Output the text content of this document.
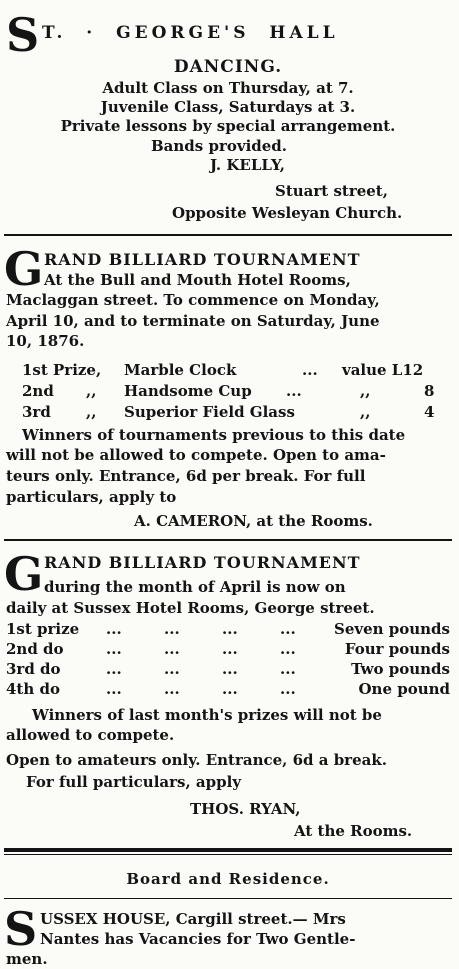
S T. · GEORGE'S HALL
DANCING.
Adult Class on Thursday, at 7.
Juvenile Class, Saturdays at 3.
Private lessons by special arrangement.
Bands provided.
J. KELLY,
Stuart street,
Opposite Wesleyan Church.
G RAND BILLIARD TOURNAMENT
At the Bull and Mouth Hotel Rooms,
Maclaggan street. To commence on Monday,
April 10, and to terminate on Saturday, June
10, 1876.
1st Prize, Marble Clock	... value L12
2nd ,, Handsome Cup ...	,,	8
3rd ,, Superior Field Glass	,,	4
Winners of tournaments previous to this date
will not be allowed to compete. Open to ama-
teurs only. Entrance, 6d per break. For full
particulars, apply to
A. CAMERON, at the Rooms.
G RAND BILLIARD TOURNAMENT
during the month of April is now on
daily at Sussex Hotel Rooms, George street.
1st prize ...	...	...	...	Seven pounds
2nd do	...	...	...	...	Four pounds
3rd do	...	...	...	...	Two pounds
4th do	...	...	...	...	One pound
Winners of last month's prizes will not be
allowed to compete.
Open to amateurs only. Entrance, 6d a break.
For full particulars, apply
THOS. RYAN,
At the Rooms.
Board and Residence.
S USSEX HOUSE, Cargill street.— Mrs
Nantes has Vacancies for Two Gentle-
men.
